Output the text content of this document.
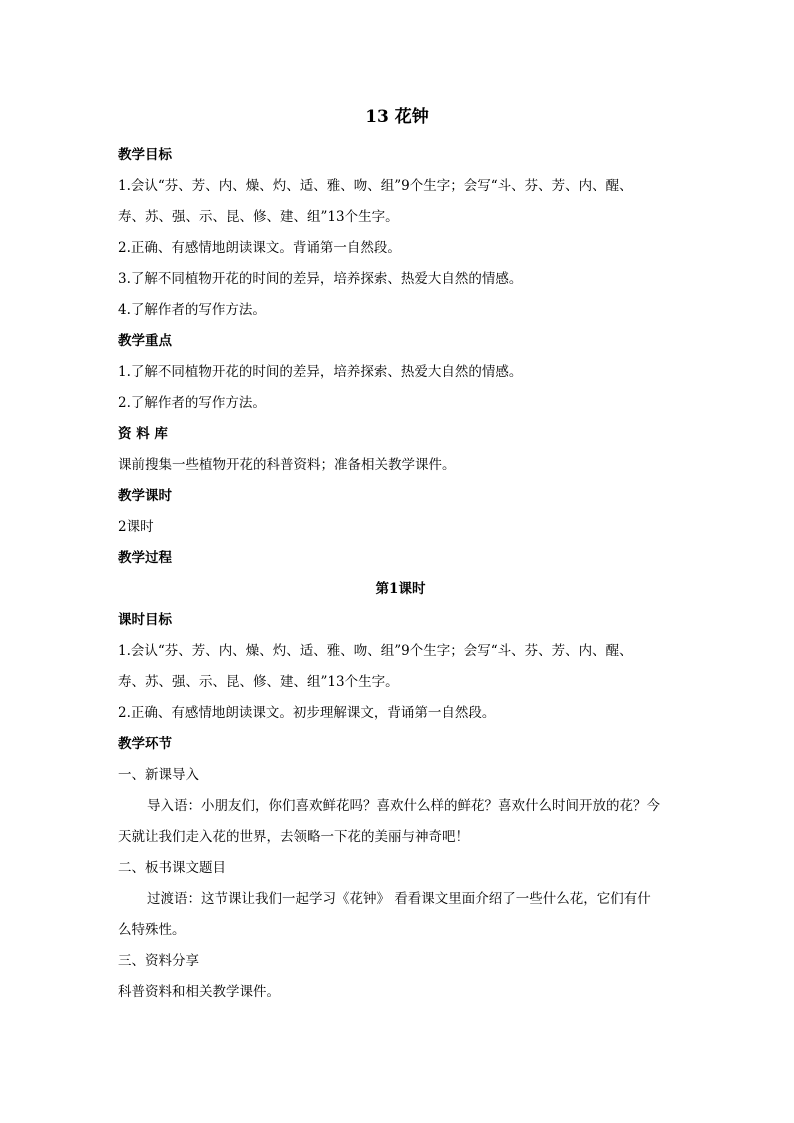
13 花钟

教学目标

1.会认“芬、芳、内、燥、灼、适、雅、吻、组”9个生字；会写“斗、芬、芳、内、醒、

寿、苏、强、示、昆、修、建、组”13个生字。

2.正确、有感情地朗读课文。背诵第一自然段。

3.了解不同植物开花的时间的差异，培养探索、热爱大自然的情感。

4.了解作者的写作方法。

教学重点

1.了解不同植物开花的时间的差异，培养探索、热爱大自然的情感。

2.了解作者的写作方法。

资 料 库

课前搜集一些植物开花的科普资料；准备相关教学课件。

教学课时

2课时

教学过程

第1课时

课时目标

1.会认“芬、芳、内、燥、灼、适、雅、吻、组”9个生字；会写“斗、芬、芳、内、醒、

寿、苏、强、示、昆、修、建、组”13个生字。

2.正确、有感情地朗读课文。初步理解课文，背诵第一自然段。

教学环节

一、新课导入

导入语：小朋友们，你们喜欢鲜花吗？喜欢什么样的鲜花？喜欢什么时间开放的花？今

天就让我们走入花的世界，去领略一下花的美丽与神奇吧！

二、板书课文题目

过渡语：这节课让我们一起学习《花钟》 看看课文里面介绍了一些什么花，它们有什

么特殊性。

三、资料分享

科普资料和相关教学课件。
